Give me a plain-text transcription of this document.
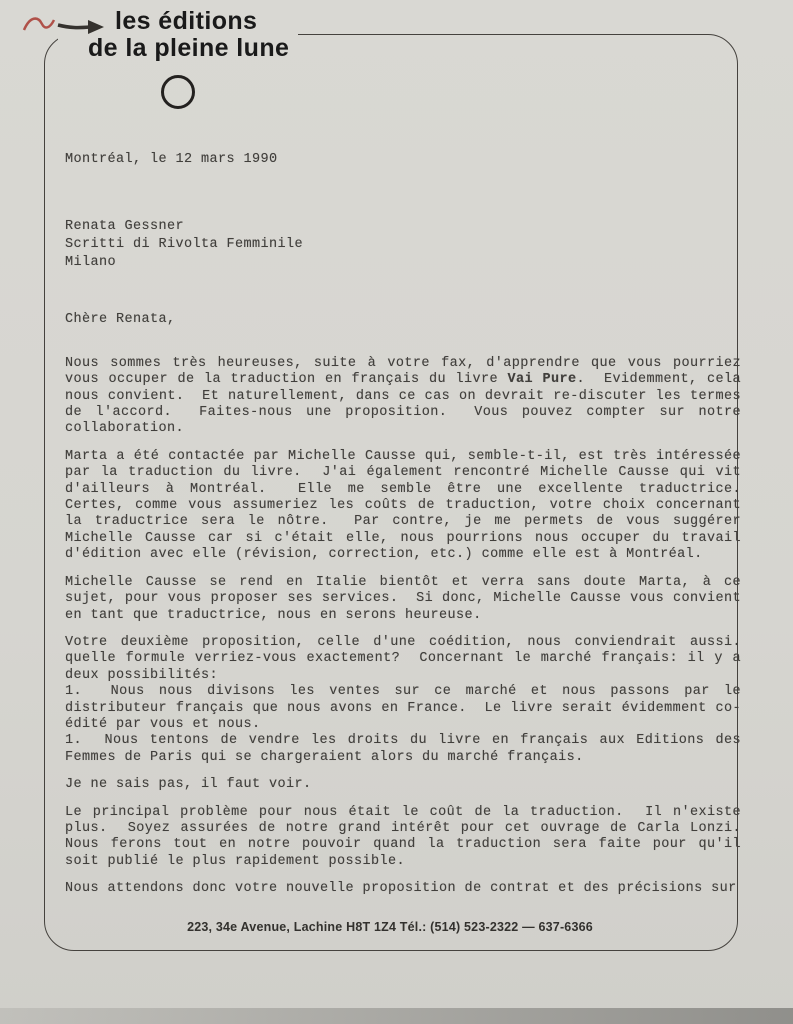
les éditions
de la pleine lune
Montréal, le 12 mars 1990
Renata Gessner
Scritti di Rivolta Femminile
Milano
Chère Renata,

Nous sommes très heureuses, suite à votre fax, d'apprendre que vous pourriez vous occuper de la traduction en français du livre Vai Pure.  Evidemment, cela nous convient.  Et naturellement, dans ce cas on devrait re-discuter les termes de l'accord.  Faites-nous une proposition.  Vous pouvez compter sur notre collaboration.

Marta a été contactée par Michelle Causse qui, semble-t-il, est très intéressée par la traduction du livre.  J'ai également rencontré Michelle Causse qui vit d'ailleurs à Montréal.  Elle me semble être une excellente traductrice.  Certes, comme vous assumeriez les coûts de traduction, votre choix concernant la traductrice sera le nôtre.  Par contre, je me permets de vous suggérer Michelle Causse car si c'était elle, nous pourrions nous occuper du travail d'édition avec elle (révision, correction, etc.) comme elle est à Montréal.

Michelle Causse se rend en Italie bientôt et verra sans doute Marta, à ce sujet, pour vous proposer ses services.  Si donc, Michelle Causse vous convient en tant que traductrice, nous en serons heureuse.

Votre deuxième proposition, celle d'une coédition, nous conviendrait aussi. quelle formule verriez-vous exactement?  Concernant le marché français: il y a deux possibilités:

1.  Nous nous divisons les ventes sur ce marché et nous passons par le distributeur français que nous avons en France.  Le livre serait évidemment co-édité par vous et nous.

1.  Nous tentons de vendre les droits du livre en français aux Editions des Femmes de Paris qui se chargeraient alors du marché français.

Je ne sais pas, il faut voir.

Le principal problème pour nous était le coût de la traduction.  Il n'existe plus.  Soyez assurées de notre grand intérêt pour cet ouvrage de Carla Lonzi.  Nous ferons tout en notre pouvoir quand la traduction sera faite pour qu'il soit publié le plus rapidement possible.

Nous attendons donc votre nouvelle proposition de contrat et des précisions sur

223, 34e Avenue, Lachine H8T 1Z4 Tél.: (514) 523-2322 — 637-6366
